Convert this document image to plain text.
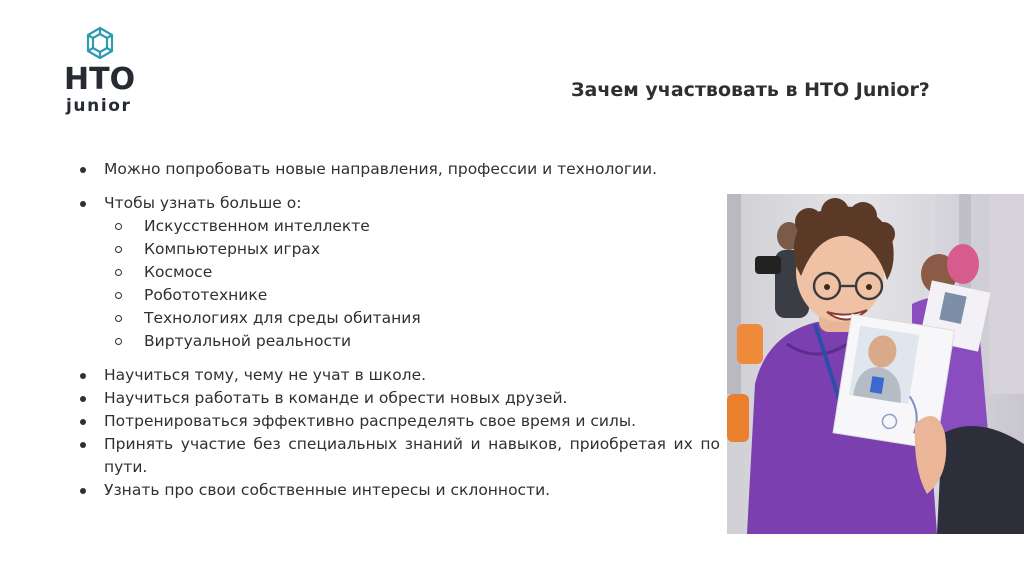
НТО
junior
Зачем участвовать в НТО Junior?

Можно попробовать новые направления, профессии и технологии.

Чтобы узнать больше о:

Искусственном интеллекте

Компьютерных играх

Космосе

Робототехнике

Технологиях для среды обитания

Виртуальной реальности

Научиться тому, чему не учат в школе.

Научиться работать в команде и обрести новых друзей.

Потренироваться эффективно распределять свое время и силы.

Принять участие без специальных знаний и навыков, приобретая их по пути.

Узнать про свои собственные интересы и склонности.
